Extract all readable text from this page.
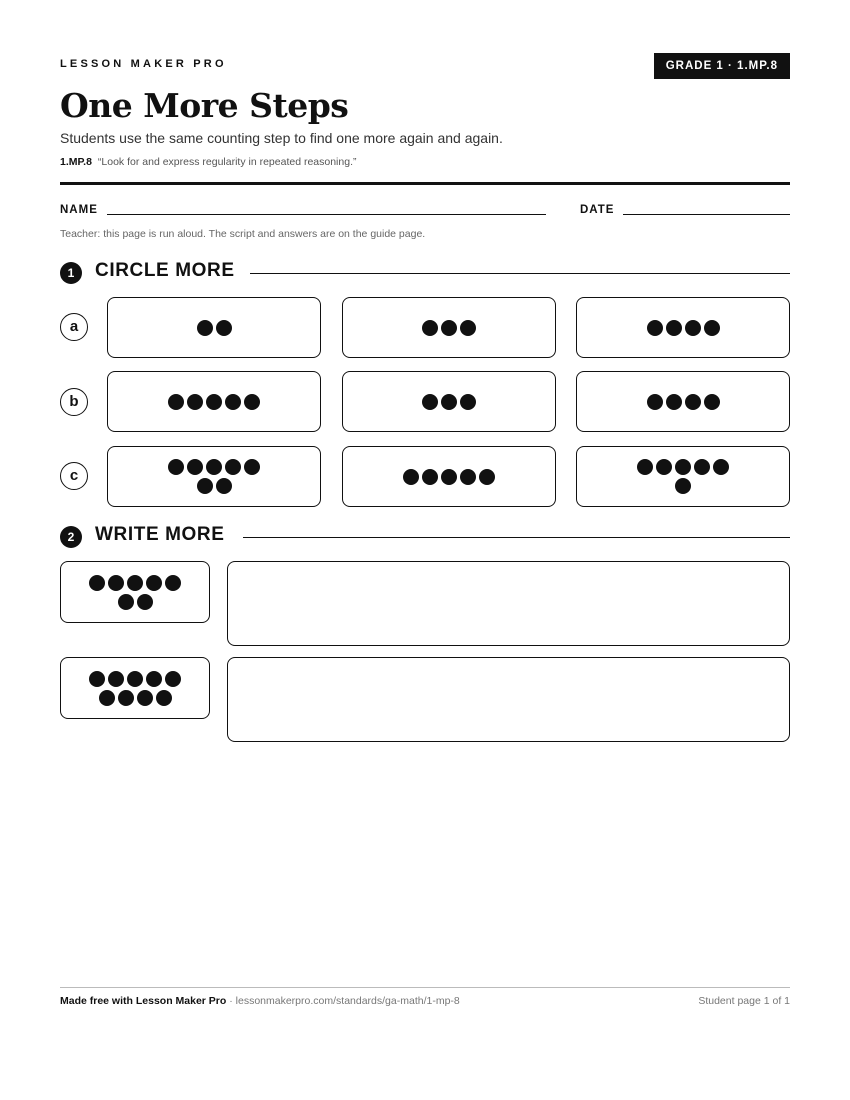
LESSON MAKER PRO	GRADE 1 · 1.MP.8
One More Steps
Students use the same counting step to find one more again and again.
1.MP.8 “Look for and express regularity in repeated reasoning.”
NAME	DATE
Teacher: this page is run aloud. The script and answers are on the guide page.
1	CIRCLE MORE
a
b
c
2	WRITE MORE
Made free with Lesson Maker Pro · lessonmakerpro.com/standards/ga-math/1-mp-8	Student page 1 of 1
